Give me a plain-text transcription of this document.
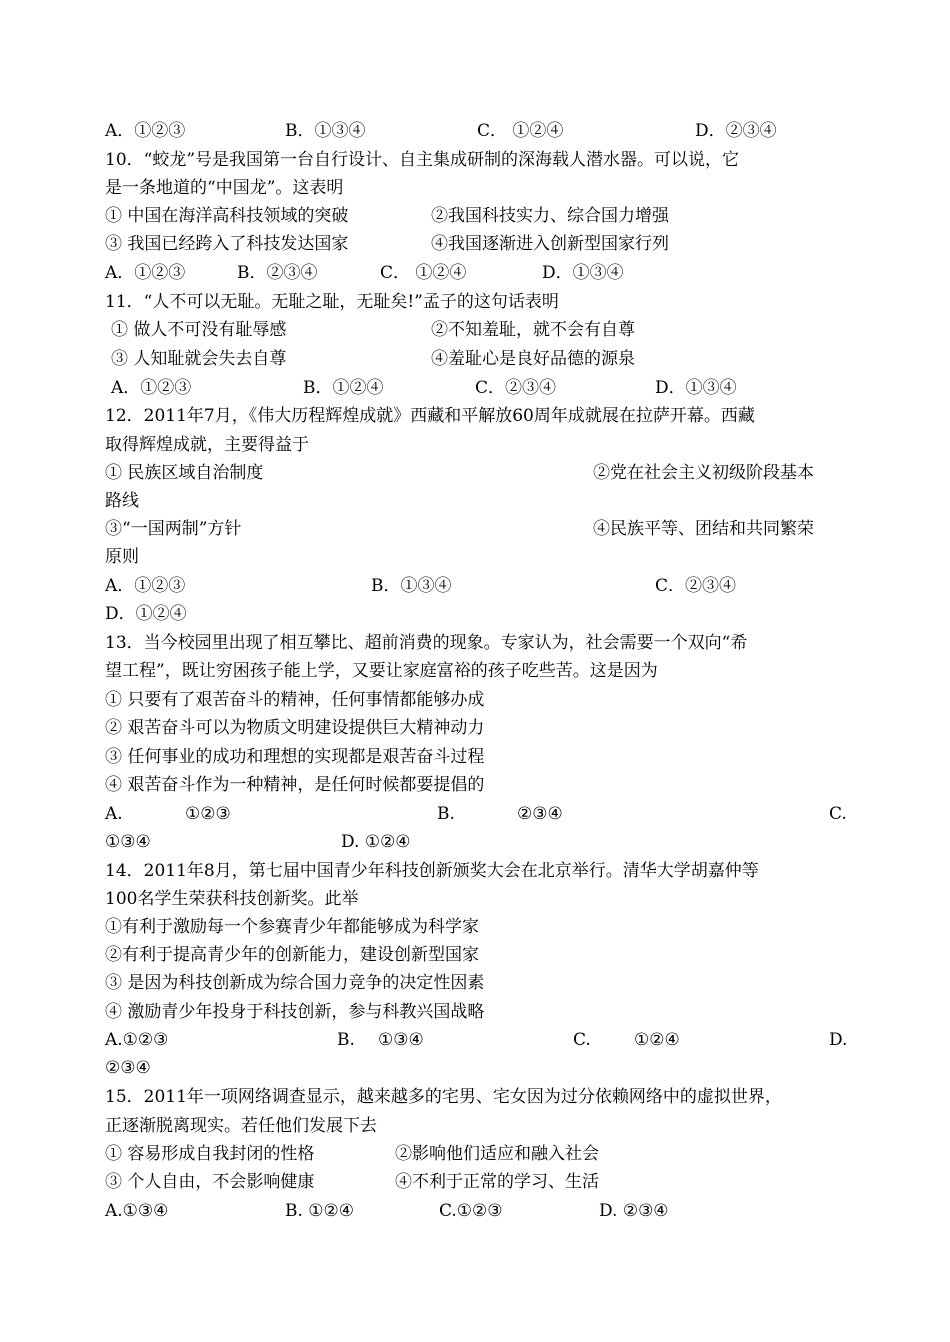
A．①②③	B．①③④	C． ①②④	D．②③④
10．“蛟龙”号是我国第一台自行设计、自主集成研制的深海载人潜水器。可以说，它
是一条地道的“中国龙”。这表明
① 中国在海洋高科技领域的突破	②我国科技实力、综合国力增强
③ 我国已经跨入了科技发达国家	④我国逐渐进入创新型国家行列
A．①②③	B．②③④	C． ①②④	D．①③④
11．“人不可以无耻。无耻之耻，无耻矣!”孟子的这句话表明
① 做人不可没有耻辱感	②不知羞耻，就不会有自尊
③ 人知耻就会失去自尊	④羞耻心是良好品德的源泉
A．①②③	B．①②④	C．②③④	D．①③④
12．2011年7月，《伟大历程辉煌成就》西藏和平解放60周年成就展在拉萨开幕。西藏
取得辉煌成就，主要得益于
① 民族区域自治制度	②党在社会主义初级阶段基本
路线
③“一国两制”方针	④民族平等、团结和共同繁荣
原则
A．①②③	B．①③④	C．②③④
D．①②④
13．当今校园里出现了相互攀比、超前消费的现象。专家认为，社会需要一个双向“希
望工程”，既让穷困孩子能上学，又要让家庭富裕的孩子吃些苦。这是因为
① 只要有了艰苦奋斗的精神，任何事情都能够办成
② 艰苦奋斗可以为物质文明建设提供巨大精神动力
③ 任何事业的成功和理想的实现都是艰苦奋斗过程
④ 艰苦奋斗作为一种精神，是任何时候都要提倡的
A.	①②③	B.	②③④	C.
①③④	D. ①②④
14．2011年8月，第七届中国青少年科技创新颁奖大会在北京举行。清华大学胡嘉仲等
100名学生荣获科技创新奖。此举
①有利于激励每一个参赛青少年都能够成为科学家
②有利于提高青少年的创新能力，建设创新型国家
③ 是因为科技创新成为综合国力竞争的决定性因素
④ 激励青少年投身于科技创新，参与科教兴国战略
A.①②③	B. ①③④	C.	①②④	D.
②③④
15．2011年一项网络调查显示，越来越多的宅男、宅女因为过分依赖网络中的虚拟世界，
正逐渐脱离现实。若任他们发展下去
① 容易形成自我封闭的性格	②影响他们适应和融入社会
③ 个人自由，不会影响健康	④不利于正常的学习、生活
A.①③④	B. ①②④	C.①②③	D. ②③④
